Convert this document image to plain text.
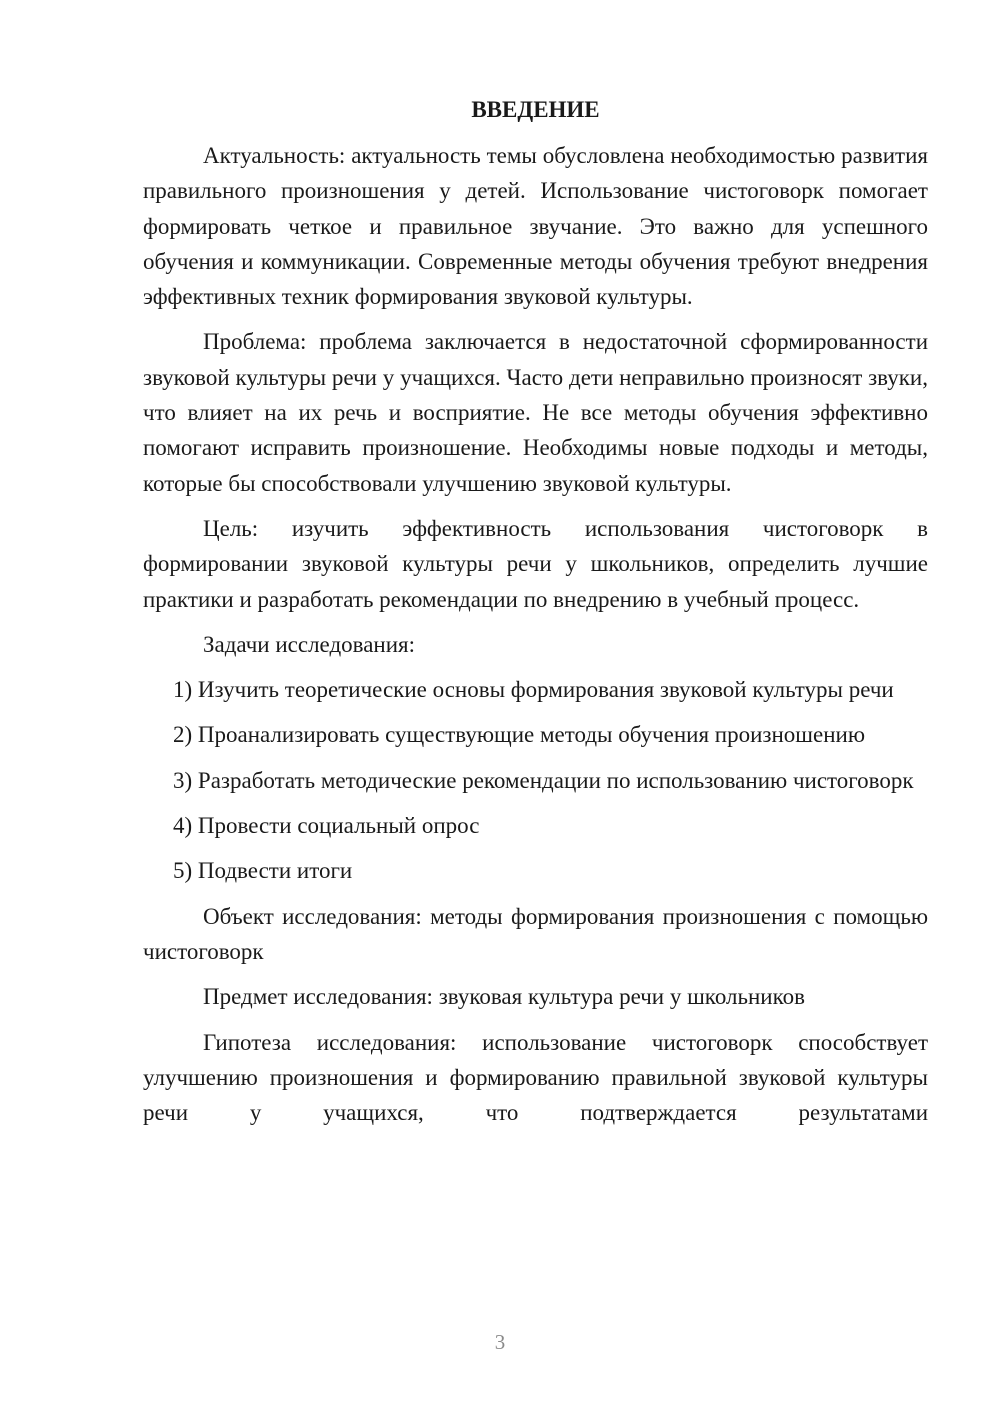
ВВЕДЕНИЕ

Актуальность: актуальность темы обусловлена необходимостью развития правильного произношения у детей. Использование чистоговорк помогает формировать четкое и правильное звучание. Это важно для успешного обучения и коммуникации. Современные методы обучения требуют внедрения эффективных техник формирования звуковой культуры.

Проблема: проблема заключается в недостаточной сформированности звуковой культуры речи у учащихся. Часто дети неправильно произносят звуки, что влияет на их речь и восприятие. Не все методы обучения эффективно помогают исправить произношение. Необходимы новые подходы и методы, которые бы способствовали улучшению звуковой культуры.

Цель: изучить эффективность использования чистоговорк в формировании звуковой культуры речи у школьников, определить лучшие практики и разработать рекомендации по внедрению в учебный процесс.

Задачи исследования:

1) Изучить теоретические основы формирования звуковой культуры речи

2) Проанализировать существующие методы обучения произношению

3) Разработать методические рекомендации по использованию чистоговорк

4) Провести социальный опрос

5) Подвести итоги

Объект исследования: методы формирования произношения с помощью чистоговорк

Предмет исследования: звуковая культура речи у школьников

Гипотеза исследования: использование чистоговорк способствует улучшению произношения и формированию правильной звуковой культуры речи у учащихся, что подтверждается результатами

3
